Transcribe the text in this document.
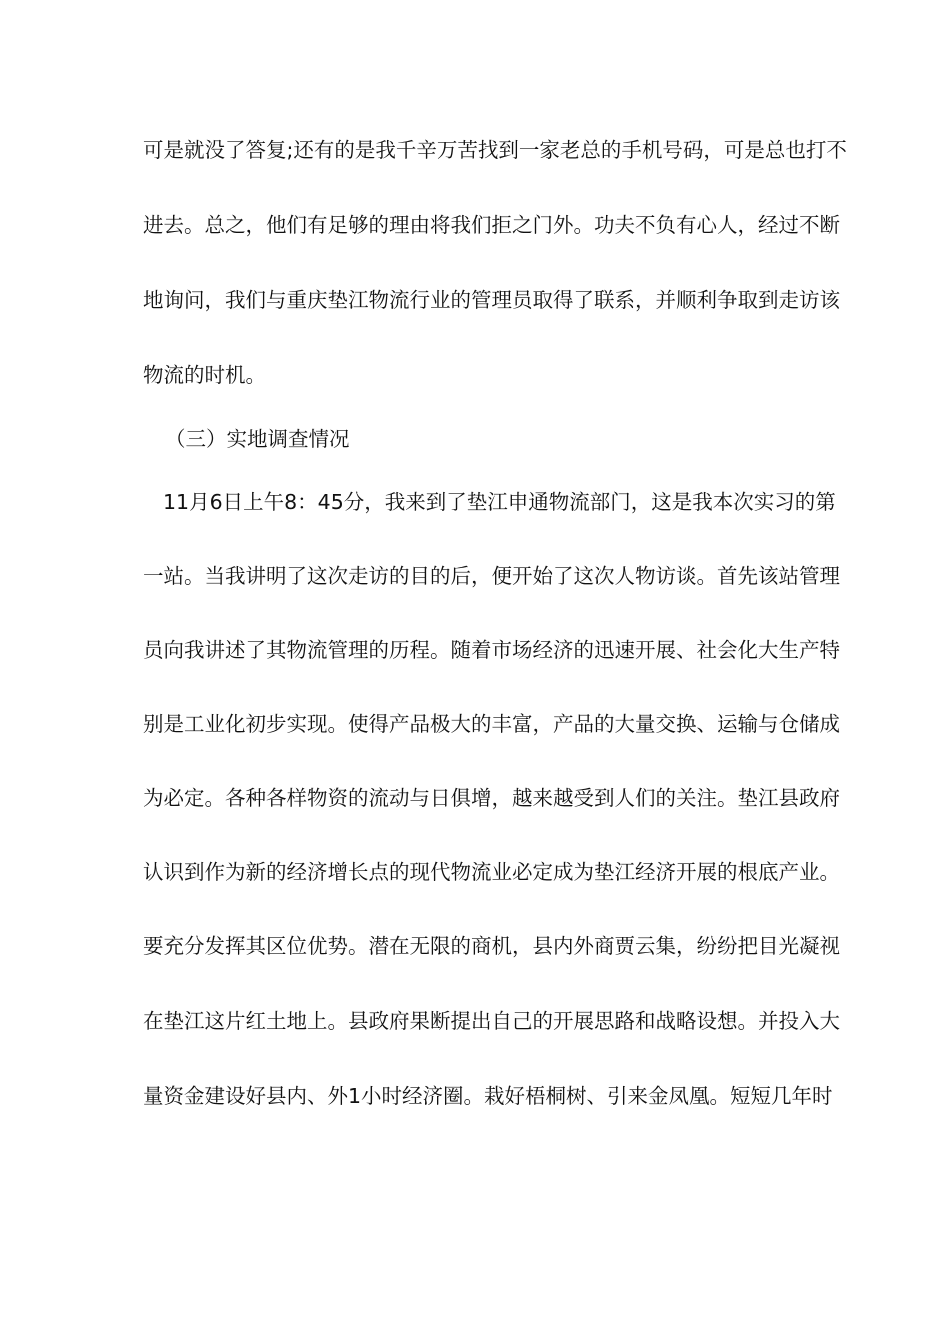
可是就没了答复;还有的是我千辛万苦找到一家老总的手机号码，可是总也打不
进去。总之，他们有足够的理由将我们拒之门外。功夫不负有心人，经过不断
地询问，我们与重庆垫江物流行业的管理员取得了联系，并顺利争取到走访该
物流的时机。
（三）实地调查情况
11月6日上午8：45分，我来到了垫江申通物流部门，这是我本次实习的第
一站。当我讲明了这次走访的目的后，便开始了这次人物访谈。首先该站管理
员向我讲述了其物流管理的历程。随着市场经济的迅速开展、社会化大生产特
别是工业化初步实现。使得产品极大的丰富，产品的大量交换、运输与仓储成
为必定。各种各样物资的流动与日俱增，越来越受到人们的关注。垫江县政府
认识到作为新的经济增长点的现代物流业必定成为垫江经济开展的根底产业。
要充分发挥其区位优势。潜在无限的商机，县内外商贾云集，纷纷把目光凝视
在垫江这片红土地上。县政府果断提出自己的开展思路和战略设想。并投入大
量资金建设好县内、外1小时经济圈。栽好梧桐树、引来金凤凰。短短几年时
